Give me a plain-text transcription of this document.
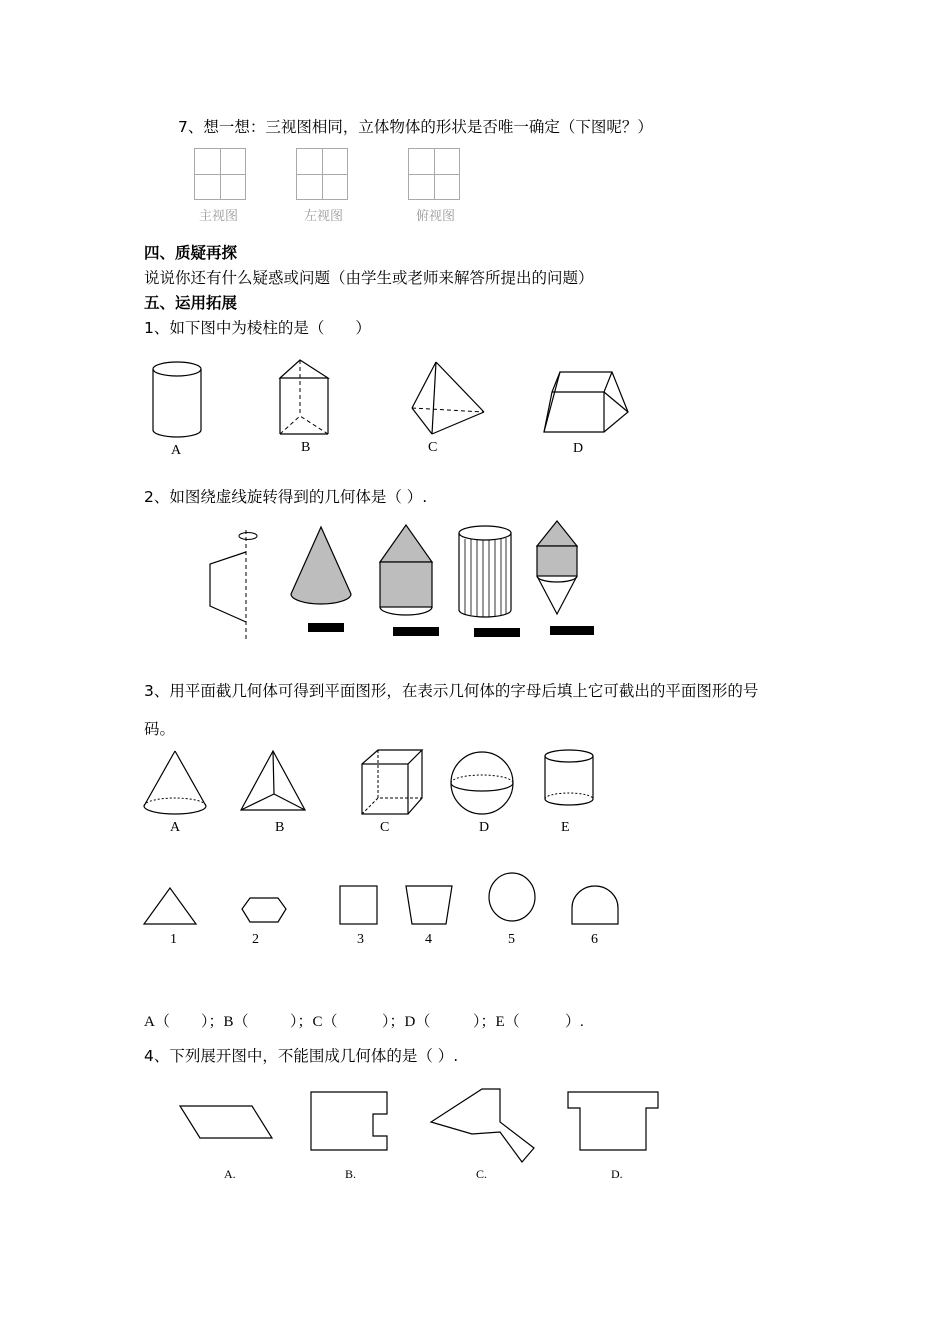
7、想一想：三视图相同，立体物体的形状是否唯一确定（下图呢？）
主视图	左视图	俯视图
四、质疑再探
说说你还有什么疑惑或问题（由学生或老师来解答所提出的问题）
五、运用拓展
1、如下图中为棱柱的是（　　）
A	B	C	D
2、如图绕虚线旋转得到的几何体是（ ）.
3、用平面截几何体可得到平面图形，在表示几何体的字母后填上它可截出的平面图形的号
码。
A	B	C	D	E
1	2	3	4	5	6
A（ ）；B（	）；C（	）；D（	）；E（	）.
4、下列展开图中，不能围成几何体的是（ ）.
A.	B.	C.	D.
